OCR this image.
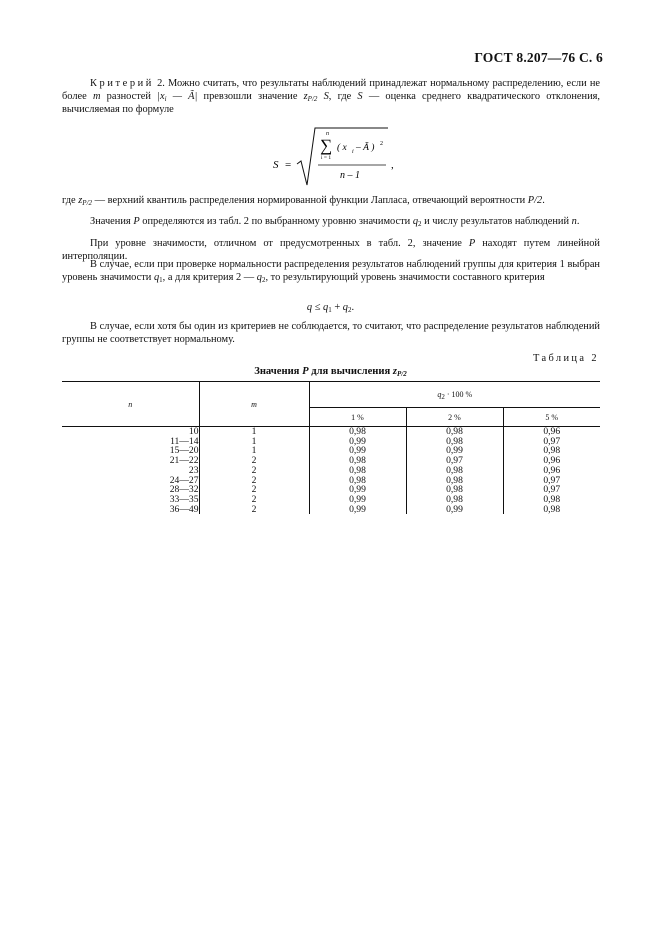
ГОСТ 8.207—76 С. 6

Критерий 2. Можно считать, что результаты наблюдений принадлежат нормальному распределению, если не более m разностей $|x_i$ — Ã| превзошли значение $z_{P/2}$ S, где S — оценка среднего квадратического отклонения, вычисляемая по формуле

S =
n
∑
i = 1
( x i – Ã ) 2
n – 1
,

где $z_{P/2}$ — верхний квантиль распределения нормированной функции Лапласа, отвечающий вероятности P/2.

Значения P определяются из табл. 2 по выбранному уровню значимости $q_2$ и числу результатов наблюдений n.

При уровне значимости, отличном от предусмотренных в табл. 2, значение P находят путем линейной интерполяции.

В случае, если при проверке нормальности распределения результатов наблюдений группы для критерия 1 выбран уровень значимости $q_1$, а для критерия 2 — $q_2$, то результирующий уровень значимости составного критерия

$q \le q_1 + q_2$.

В случае, если хотя бы один из критериев не соблюдается, то считают, что распределение результатов наблюдений группы не соответствует нормальному.

Таблица 2
Значения P для вычисления $z_{P/2}$
n	m	$q_2 \cdot 100$ %		
		1 %	2 %	5 %
10	1	0,98	0,98	0,96
11—14	1	0,99	0,98	0,97
15—20	1	0,99	0,99	0,98
21—22	2	0,98	0,97	0,96
23	2	0,98	0,98	0,96
24—27	2	0,98	0,98	0,97
28—32	2	0,99	0,98	0,97
33—35	2	0,99	0,98	0,98
36—49	2	0,99	0,99	0,98
